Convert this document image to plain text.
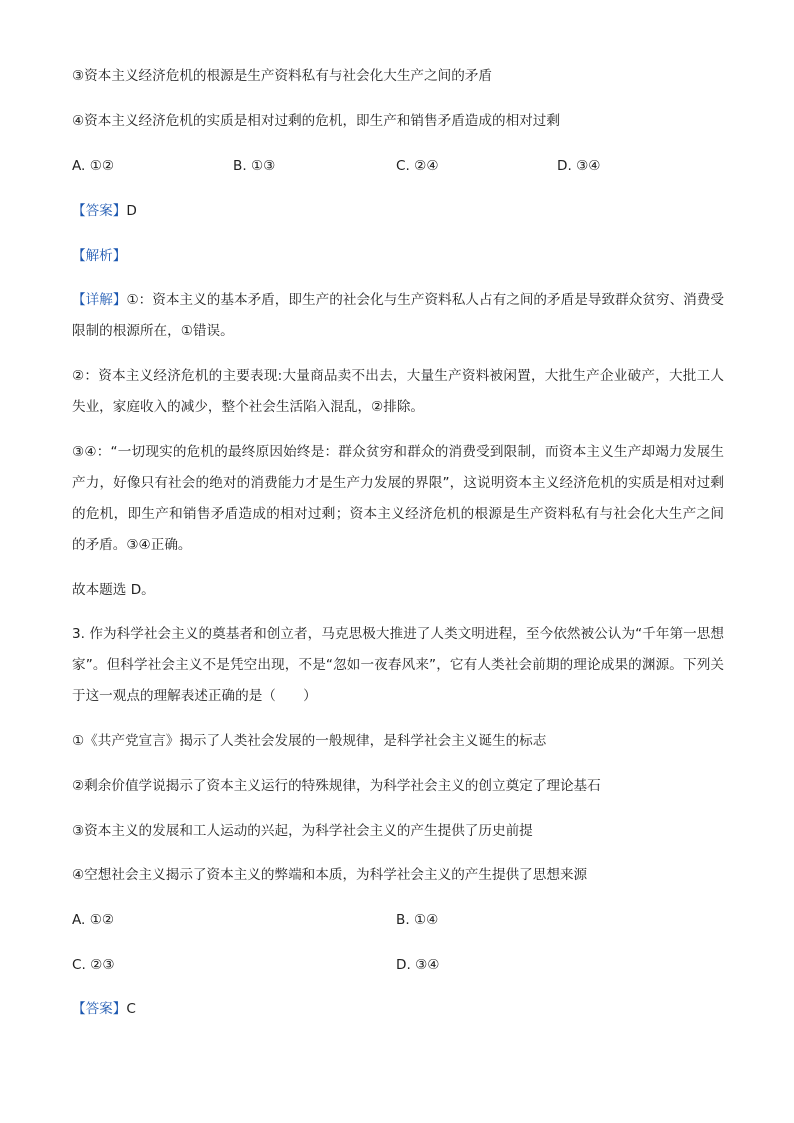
③资本主义经济危机的根源是生产资料私有与社会化大生产之间的矛盾
④资本主义经济危机的实质是相对过剩的危机，即生产和销售矛盾造成的相对过剩
A. ①②	B. ①③	C. ②④	D. ③④
【答案】D
【解析】
【详解】①：资本主义的基本矛盾，即生产的社会化与生产资料私人占有之间的矛盾是导致群众贫穷、消费受限制的根源所在，①错误。
②：资本主义经济危机的主要表现:大量商品卖不出去，大量生产资料被闲置，大批生产企业破产，大批工人失业，家庭收入的减少，整个社会生活陷入混乱，②排除。
③④：“一切现实的危机的最终原因始终是：群众贫穷和群众的消费受到限制，而资本主义生产却竭力发展生产力，好像只有社会的绝对的消费能力才是生产力发展的界限”，这说明资本主义经济危机的实质是相对过剩的危机，即生产和销售矛盾造成的相对过剩；资本主义经济危机的根源是生产资料私有与社会化大生产之间的矛盾。③④正确。
故本题选 D。
3. 作为科学社会主义的奠基者和创立者，马克思极大推进了人类文明进程，至今依然被公认为“千年第一思想家”。但科学社会主义不是凭空出现，不是“忽如一夜春风来”，它有人类社会前期的理论成果的渊源。下列关于这一观点的理解表述正确的是（　　）
①《共产党宣言》揭示了人类社会发展的一般规律，是科学社会主义诞生的标志
②剩余价值学说揭示了资本主义运行的特殊规律，为科学社会主义的创立奠定了理论基石
③资本主义的发展和工人运动的兴起，为科学社会主义的产生提供了历史前提
④空想社会主义揭示了资本主义的弊端和本质，为科学社会主义的产生提供了思想来源
A. ①②	B. ①④
C. ②③	D. ③④
【答案】C
